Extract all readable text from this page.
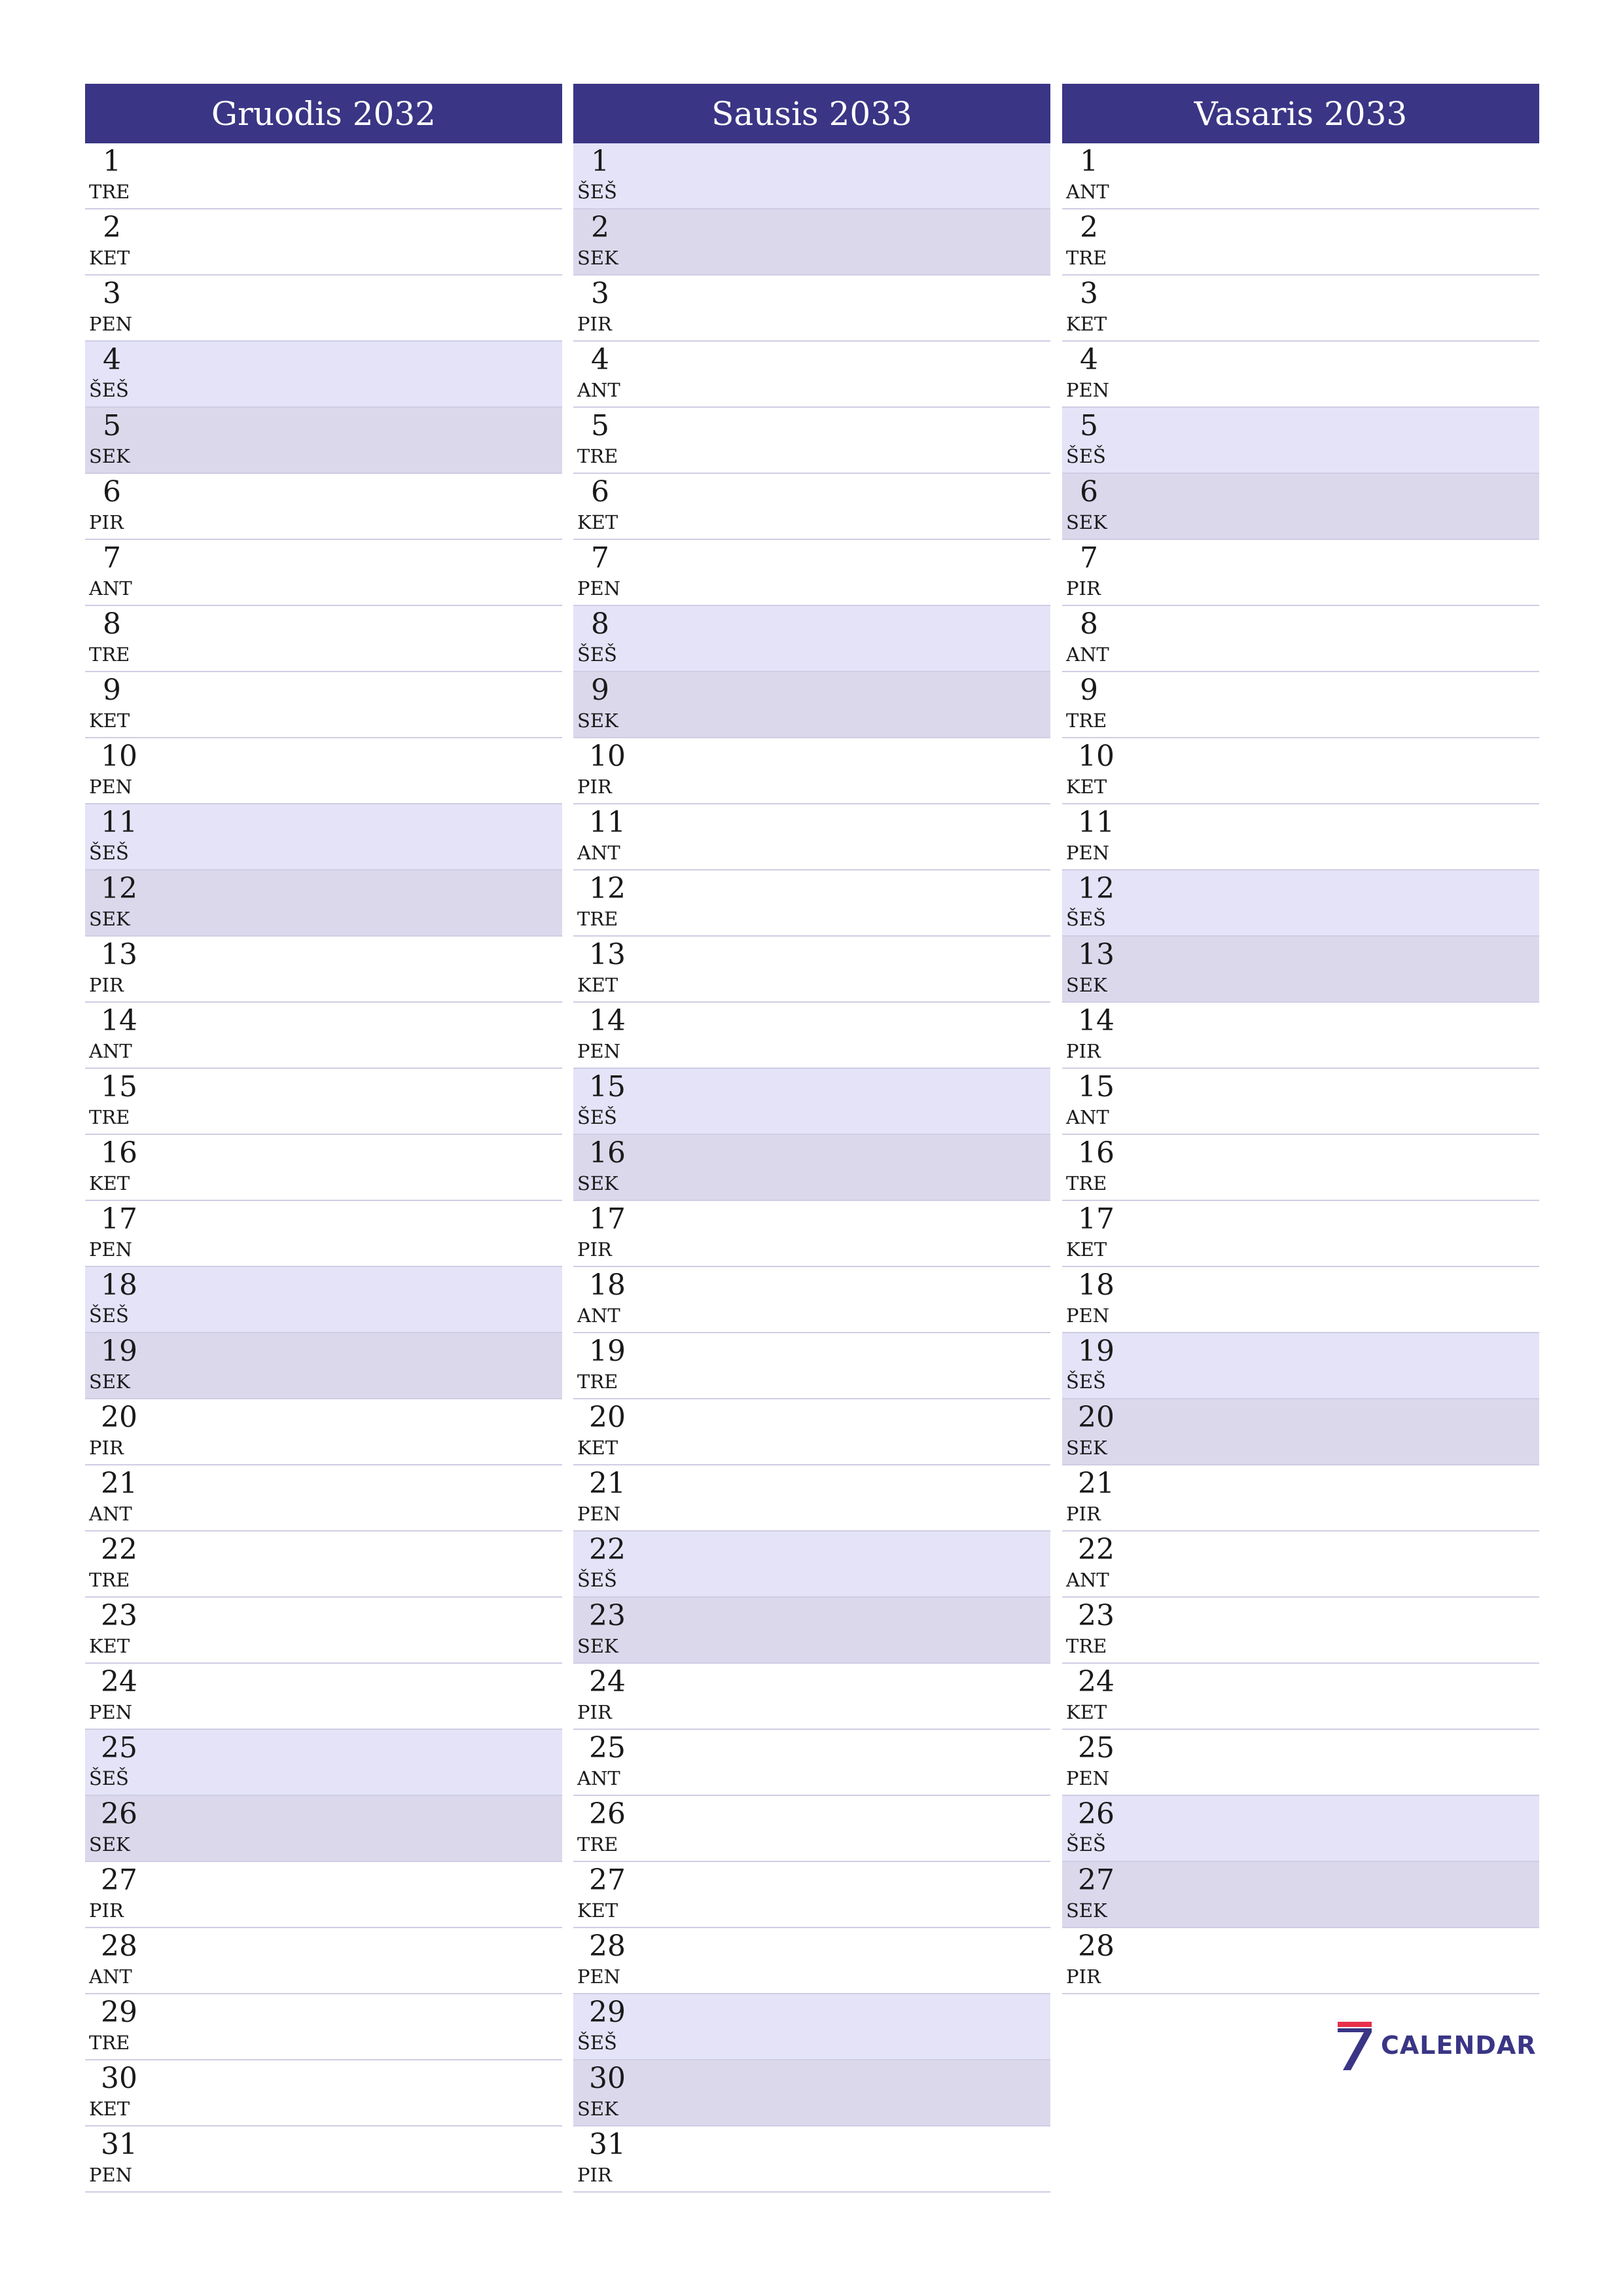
Gruodis 2032
1
TRE
2
KET
3
PEN
4
ŠEŠ
5
SEK
6
PIR
7
ANT
8
TRE
9
KET
10
PEN
11
ŠEŠ
12
SEK
13
PIR
14
ANT
15
TRE
16
KET
17
PEN
18
ŠEŠ
19
SEK
20
PIR
21
ANT
22
TRE
23
KET
24
PEN
25
ŠEŠ
26
SEK
27
PIR
28
ANT
29
TRE
30
KET
31
PEN
Sausis 2033
1
ŠEŠ
2
SEK
3
PIR
4
ANT
5
TRE
6
KET
7
PEN
8
ŠEŠ
9
SEK
10
PIR
11
ANT
12
TRE
13
KET
14
PEN
15
ŠEŠ
16
SEK
17
PIR
18
ANT
19
TRE
20
KET
21
PEN
22
ŠEŠ
23
SEK
24
PIR
25
ANT
26
TRE
27
KET
28
PEN
29
ŠEŠ
30
SEK
31
PIR
Vasaris 2033
1
ANT
2
TRE
3
KET
4
PEN
5
ŠEŠ
6
SEK
7
PIR
8
ANT
9
TRE
10
KET
11
PEN
12
ŠEŠ
13
SEK
14
PIR
15
ANT
16
TRE
17
KET
18
PEN
19
ŠEŠ
20
SEK
21
PIR
22
ANT
23
TRE
24
KET
25
PEN
26
ŠEŠ
27
SEK
28
PIR
CALENDAR
